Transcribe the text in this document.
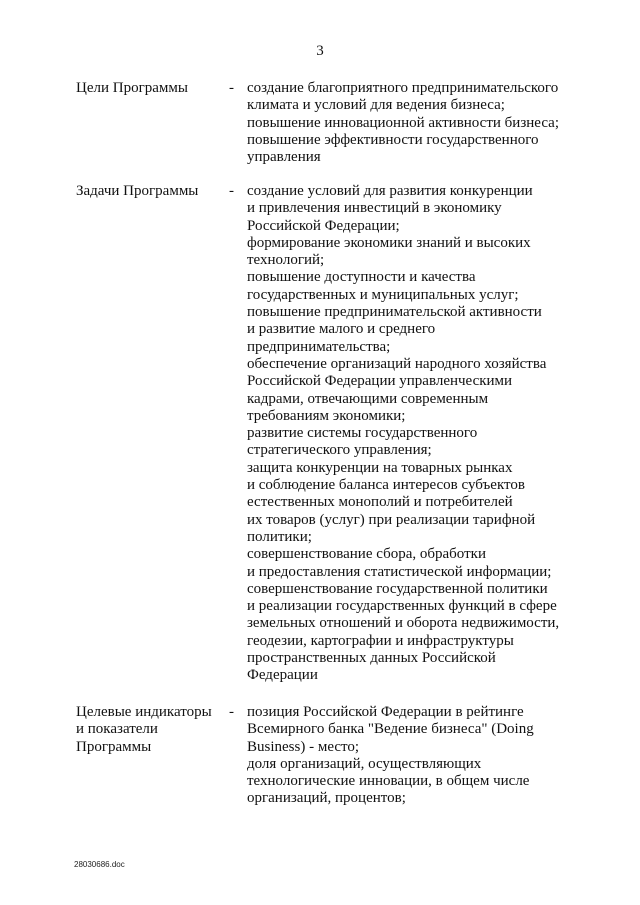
3
Цели Программы	- создание благоприятного предпринимательского
климата и условий для ведения бизнеса;
повышение инновационной активности бизнеса;
повышение эффективности государственного
управления
Задачи Программы	- создание условий для развития конкуренции
и привлечения инвестиций в экономику
Российской Федерации;
формирование экономики знаний и высоких
технологий;
повышение доступности и качества
государственных и муниципальных услуг;
повышение предпринимательской активности
и развитие малого и среднего
предпринимательства;
обеспечение организаций народного хозяйства
Российской Федерации управленческими
кадрами, отвечающими современным
требованиям экономики;
развитие системы государственного
стратегического управления;
защита конкуренции на товарных рынках
и соблюдение баланса интересов субъектов
естественных монополий и потребителей
их товаров (услуг) при реализации тарифной
политики;
совершенствование сбора, обработки
и предоставления статистической информации;
совершенствование государственной политики
и реализации государственных функций в сфере
земельных отношений и оборота недвижимости,
геодезии, картографии и инфраструктуры
пространственных данных Российской
Федерации
Целевые индикаторы
и показатели
Программы
- позиция Российской Федерации в рейтинге
Всемирного банка "Ведение бизнеса" (Doing
Business) - место;
доля организаций, осуществляющих
технологические инновации, в общем числе
организаций, процентов;
28030686.doc
